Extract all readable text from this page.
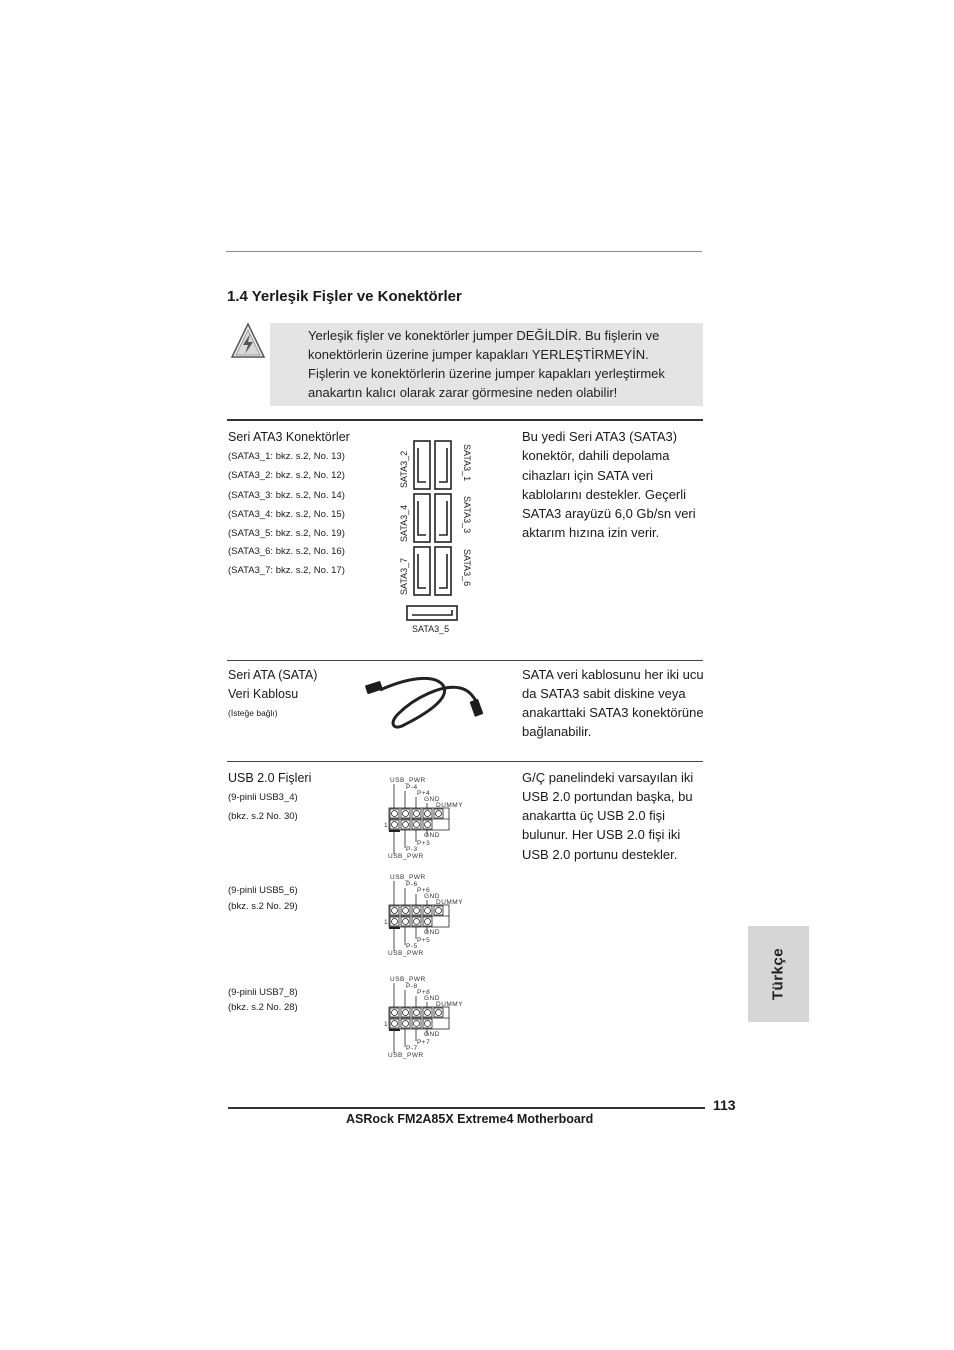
1.4 Yerleşik Fişler ve Konektörler
Yerleşik fişler ve konektörler jumper DEĞİLDİR. Bu fişlerin ve
konektörlerin üzerine jumper kapakları YERLEŞTİRMEYİN.
Fişlerin ve konektörlerin üzerine jumper kapakları yerleştirmek
anakartın kalıcı olarak zarar görmesine neden olabilir!
Seri ATA3 Konektörler
(SATA3_1: bkz. s.2, No. 13)
(SATA3_2: bkz. s.2, No. 12)
(SATA3_3: bkz. s.2, No. 14)
(SATA3_4: bkz. s.2, No. 15)
(SATA3_5: bkz. s.2, No. 19)
(SATA3_6: bkz. s.2, No. 16)
(SATA3_7: bkz. s.2, No. 17)
SATA3_2	SATA3_1
SATA3_4	SATA3_3
SATA3_7	SATA3_6
SATA3_5
Bu yedi Seri ATA3 (SATA3)
konektör, dahili depolama
cihazları için SATA veri
kablolarını destekler. Geçerli
SATA3 arayüzü 6,0 Gb/sn veri
aktarım hızına izin verir.
Seri ATA (SATA)
Veri Kablosu
(İsteğe bağlı)
SATA veri kablosunu her iki ucu
da SATA3 sabit diskine veya
anakarttaki SATA3 konektörüne
bağlanabilir.
USB 2.0 Fişleri
(9-pinli USB3_4)
(bkz. s.2 No. 30)
(9-pinli USB5_6)
(bkz. s.2 No. 29)
(9-pinli USB7_8)
(bkz. s.2 No. 28)
USB_PWR
P-4
P+4
GND
DUMMY
1
GND
P+3
P-3
USB_PWR
USB_PWR
P-6
P+6
GND
DUMMY
1
GND
P+5
P-5
USB_PWR
USB_PWR
P-8
P+8
GND
DUMMY
1
GND
P+7
P-7
USB_PWR
G/Ç panelindeki varsayılan iki
USB 2.0 portundan başka, bu
anakartta üç USB 2.0 fişi
bulunur. Her USB 2.0 fişi iki
USB 2.0 portunu destekler.
Türkçe
113
ASRock FM2A85X Extreme4 Motherboard
